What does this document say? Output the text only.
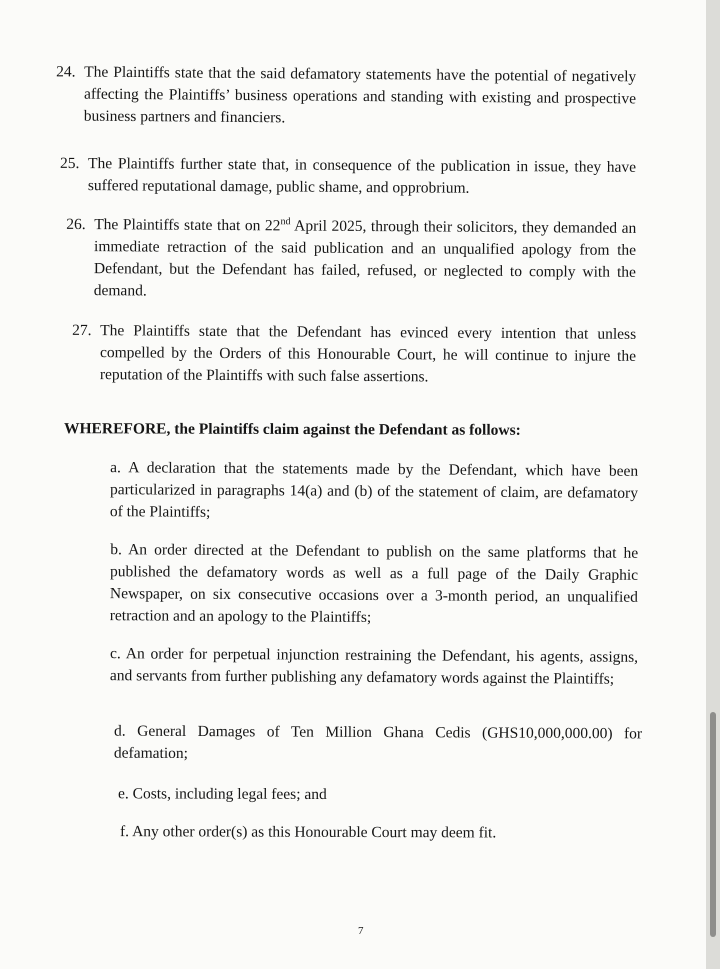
24. The Plaintiffs state that the said defamatory statements have the potential of negatively affecting the Plaintiffs’ business operations and standing with existing and prospective business partners and financiers.

25. The Plaintiffs further state that, in consequence of the publication in issue, they have suffered reputational damage, public shame, and opprobrium.

26. The Plaintiffs state that on 22nd April 2025, through their solicitors, they demanded an immediate retraction of the said publication and an unqualified apology from the Defendant, but the Defendant has failed, refused, or neglected to comply with the demand.

27. The Plaintiffs state that the Defendant has evinced every intention that unless compelled by the Orders of this Honourable Court, he will continue to injure the reputation of the Plaintiffs with such false assertions.

WHEREFORE, the Plaintiffs claim against the Defendant as follows:

a. A declaration that the statements made by the Defendant, which have been particularized in paragraphs 14(a) and (b) of the statement of claim, are defamatory of the Plaintiffs;

b. An order directed at the Defendant to publish on the same platforms that he published the defamatory words as well as a full page of the Daily Graphic Newspaper, on six consecutive occasions over a 3-month period, an unqualified retraction and an apology to the Plaintiffs;

c. An order for perpetual injunction restraining the Defendant, his agents, assigns, and servants from further publishing any defamatory words against the Plaintiffs;

d. General Damages of Ten Million Ghana Cedis (GHS10,000,000.00) for defamation;

e. Costs, including legal fees; and

f. Any other order(s) as this Honourable Court may deem fit.

7
